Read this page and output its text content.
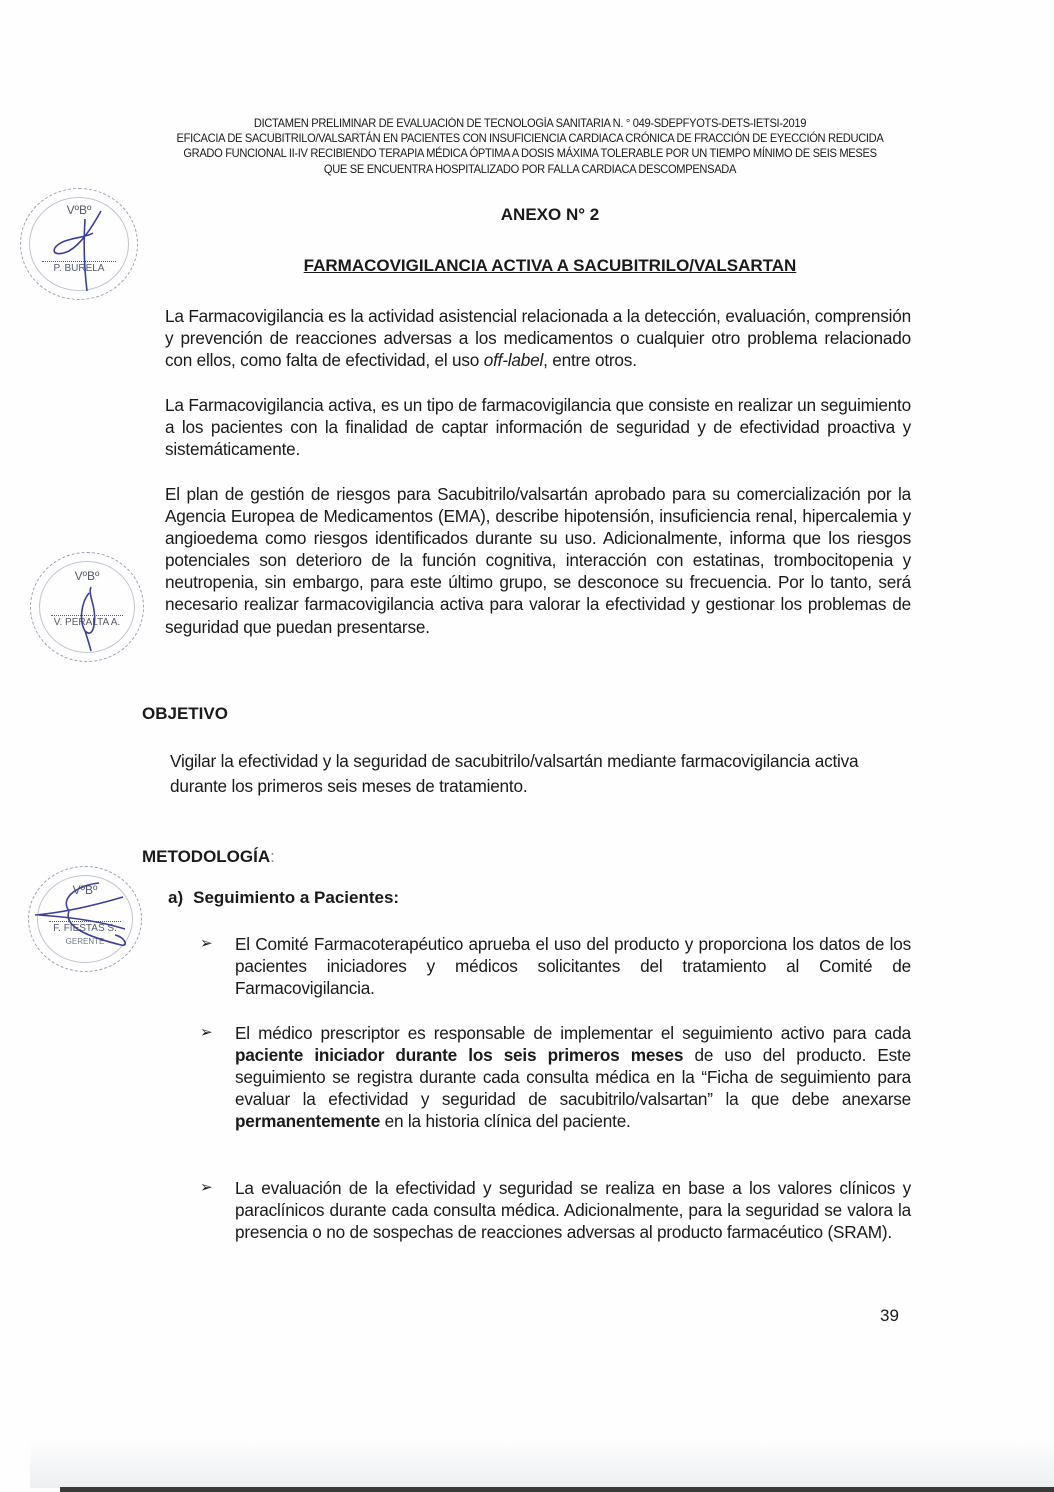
DICTAMEN PRELIMINAR DE EVALUACIÓN DE TECNOLOGÍA SANITARIA N. ° 049-SDEPFYOTS-DETS-IETSI-2019
EFICACIA DE SACUBITRILO/VALSARTÁN EN PACIENTES CON INSUFICIENCIA CARDIACA CRÓNICA DE FRACCIÓN DE EYECCIÓN REDUCIDA
GRADO FUNCIONAL II-IV RECIBIENDO TERAPIA MÉDICA ÓPTIMA A DOSIS MÁXIMA TOLERABLE POR UN TIEMPO MÍNIMO DE SEIS MESES
QUE SE ENCUENTRA HOSPITALIZADO POR FALLA CARDIACA DESCOMPENSADA
VºBº
P. BURELA
VºBº
V. PERALTA A.
VºBº
F. FIESTAS S.
GERENTE
ANEXO N° 2
FARMACOVIGILANCIA ACTIVA A SACUBITRILO/VALSARTAN
La Farmacovigilancia es la actividad asistencial relacionada a la detección, evaluación, comprensión y prevención de reacciones adversas a los medicamentos o cualquier otro problema relacionado con ellos, como falta de efectividad, el uso off-label, entre otros.
La Farmacovigilancia activa, es un tipo de farmacovigilancia que consiste en realizar un seguimiento a los pacientes con la finalidad de captar información de seguridad y de efectividad proactiva y sistemáticamente.
El plan de gestión de riesgos para Sacubitrilo/valsartán aprobado para su comercialización por la Agencia Europea de Medicamentos (EMA), describe hipotensión, insuficiencia renal, hipercalemia y angioedema como riesgos identificados durante su uso. Adicionalmente, informa que los riesgos potenciales son deterioro de la función cognitiva, interacción con estatinas, trombocitopenia y neutropenia, sin embargo, para este último grupo, se desconoce su frecuencia. Por lo tanto, será necesario realizar farmacovigilancia activa para valorar la efectividad y gestionar los problemas de seguridad que puedan presentarse.
OBJETIVO
Vigilar la efectividad y la seguridad de sacubitrilo/valsartán mediante farmacovigilancia activa durante los primeros seis meses de tratamiento.
METODOLOGÍA:
a) Seguimiento a Pacientes:
➢ El Comité Farmacoterapéutico aprueba el uso del producto y proporciona los datos de los pacientes iniciadores y médicos solicitantes del tratamiento al Comité de Farmacovigilancia.
➢ El médico prescriptor es responsable de implementar el seguimiento activo para cada paciente iniciador durante los seis primeros meses de uso del producto. Este seguimiento se registra durante cada consulta médica en la “Ficha de seguimiento para evaluar la efectividad y seguridad de sacubitrilo/valsartan” la que debe anexarse permanentemente en la historia clínica del paciente.
➢ La evaluación de la efectividad y seguridad se realiza en base a los valores clínicos y paraclínicos durante cada consulta médica. Adicionalmente, para la seguridad se valora la presencia o no de sospechas de reacciones adversas al producto farmacéutico (SRAM).
39
